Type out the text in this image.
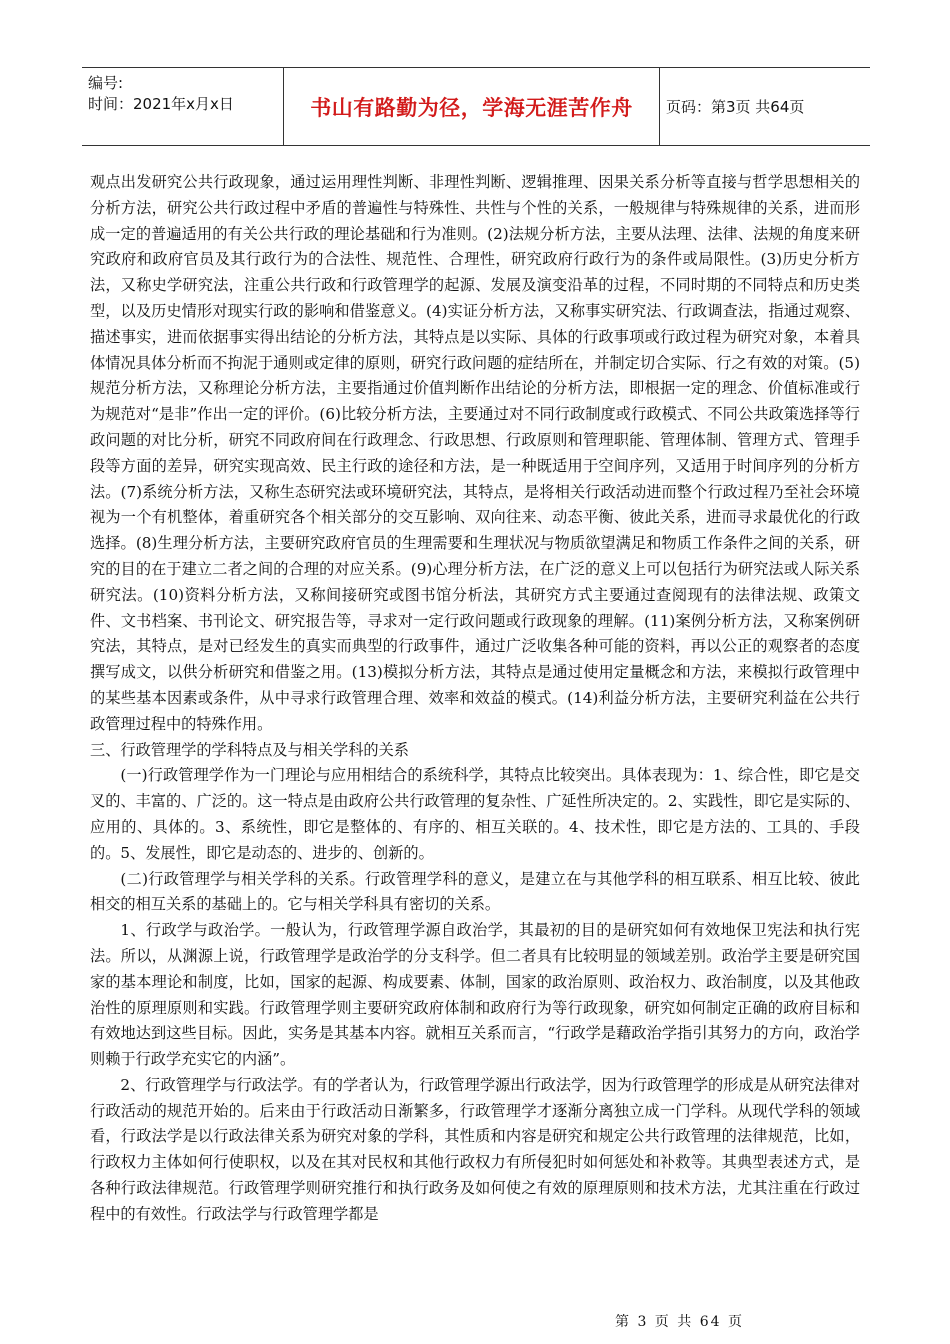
编号:
时间：2021年x月x日	书山有路勤为径，学海无涯苦作舟 页码：第3页 共64页

观点出发研究公共行政现象，通过运用理性判断、非理性判断、逻辑推理、因果关系分析等直接与哲学思想相关的分析方法，研究公共行政过程中矛盾的普遍性与特殊性、共性与个性的关系，一般规律与特殊规律的关系，进而形成一定的普遍适用的有关公共行政的理论基础和行为准则。(2)法规分析方法，主要从法理、法律、法规的角度来研究政府和政府官员及其行政行为的合法性、规范性、合理性，研究政府行政行为的条件或局限性。(3)历史分析方法，又称史学研究法，注重公共行政和行政管理学的起源、发展及演变沿革的过程，不同时期的不同特点和历史类型，以及历史情形对现实行政的影响和借鉴意义。(4)实证分析方法，又称事实研究法、行政调查法，指通过观察、描述事实，进而依据事实得出结论的分析方法，其特点是以实际、具体的行政事项或行政过程为研究对象，本着具体情况具体分析而不拘泥于通则或定律的原则，研究行政问题的症结所在，并制定切合实际、行之有效的对策。(5)规范分析方法，又称理论分析方法，主要指通过价值判断作出结论的分析方法，即根据一定的理念、价值标准或行为规范对“是非”作出一定的评价。(6)比较分析方法，主要通过对不同行政制度或行政模式、不同公共政策选择等行政问题的对比分析，研究不同政府间在行政理念、行政思想、行政原则和管理职能、管理体制、管理方式、管理手段等方面的差异，研究实现高效、民主行政的途径和方法，是一种既适用于空间序列，又适用于时间序列的分析方法。(7)系统分析方法，又称生态研究法或环境研究法，其特点，是将相关行政活动进而整个行政过程乃至社会环境视为一个有机整体，着重研究各个相关部分的交互影响、双向往来、动态平衡、彼此关系，进而寻求最优化的行政选择。(8)生理分析方法，主要研究政府官员的生理需要和生理状况与物质欲望满足和物质工作条件之间的关系，研究的目的在于建立二者之间的合理的对应关系。(9)心理分析方法，在广泛的意义上可以包括行为研究法或人际关系研究法。(10)资料分析方法，又称间接研究或图书馆分析法，其研究方式主要通过查阅现有的法律法规、政策文件、文书档案、书刊论文、研究报告等，寻求对一定行政问题或行政现象的理解。(11)案例分析方法，又称案例研究法，其特点，是对已经发生的真实而典型的行政事件，通过广泛收集各种可能的资料，再以公正的观察者的态度撰写成文，以供分析研究和借鉴之用。(13)模拟分析方法，其特点是通过使用定量概念和方法，来模拟行政管理中的某些基本因素或条件，从中寻求行政管理合理、效率和效益的模式。(14)利益分析方法，主要研究利益在公共行政管理过程中的特殊作用。

三、行政管理学的学科特点及与相关学科的关系

(一)行政管理学作为一门理论与应用相结合的系统科学，其特点比较突出。具体表现为：1、综合性，即它是交叉的、丰富的、广泛的。这一特点是由政府公共行政管理的复杂性、广延性所决定的。2、实践性，即它是实际的、应用的、具体的。3、系统性，即它是整体的、有序的、相互关联的。4、技术性，即它是方法的、工具的、手段的。5、发展性，即它是动态的、进步的、创新的。

(二)行政管理学与相关学科的关系。行政管理学科的意义，是建立在与其他学科的相互联系、相互比较、彼此相交的相互关系的基础上的。它与相关学科具有密切的关系。

1、行政学与政治学。一般认为，行政管理学源自政治学，其最初的目的是研究如何有效地保卫宪法和执行宪法。所以，从渊源上说，行政管理学是政治学的分支科学。但二者具有比较明显的领域差别。政治学主要是研究国家的基本理论和制度，比如，国家的起源、构成要素、体制，国家的政治原则、政治权力、政治制度，以及其他政治性的原理原则和实践。行政管理学则主要研究政府体制和政府行为等行政现象，研究如何制定正确的政府目标和有效地达到这些目标。因此，实务是其基本内容。就相互关系而言，“行政学是藉政治学指引其努力的方向，政治学则赖于行政学充实它的内涵”。

2、行政管理学与行政法学。有的学者认为，行政管理学源出行政法学，因为行政管理学的形成是从研究法律对行政活动的规范开始的。后来由于行政活动日渐繁多，行政管理学才逐渐分离独立成一门学科。从现代学科的领域看，行政法学是以行政法律关系为研究对象的学科，其性质和内容是研究和规定公共行政管理的法律规范，比如，行政权力主体如何行使职权，以及在其对民权和其他行政权力有所侵犯时如何惩处和补救等。其典型表述方式，是各种行政法律规范。行政管理学则研究推行和执行政务及如何使之有效的原理原则和技术方法，尤其注重在行政过程中的有效性。行政法学与行政管理学都是

第 3 页 共 64 页
